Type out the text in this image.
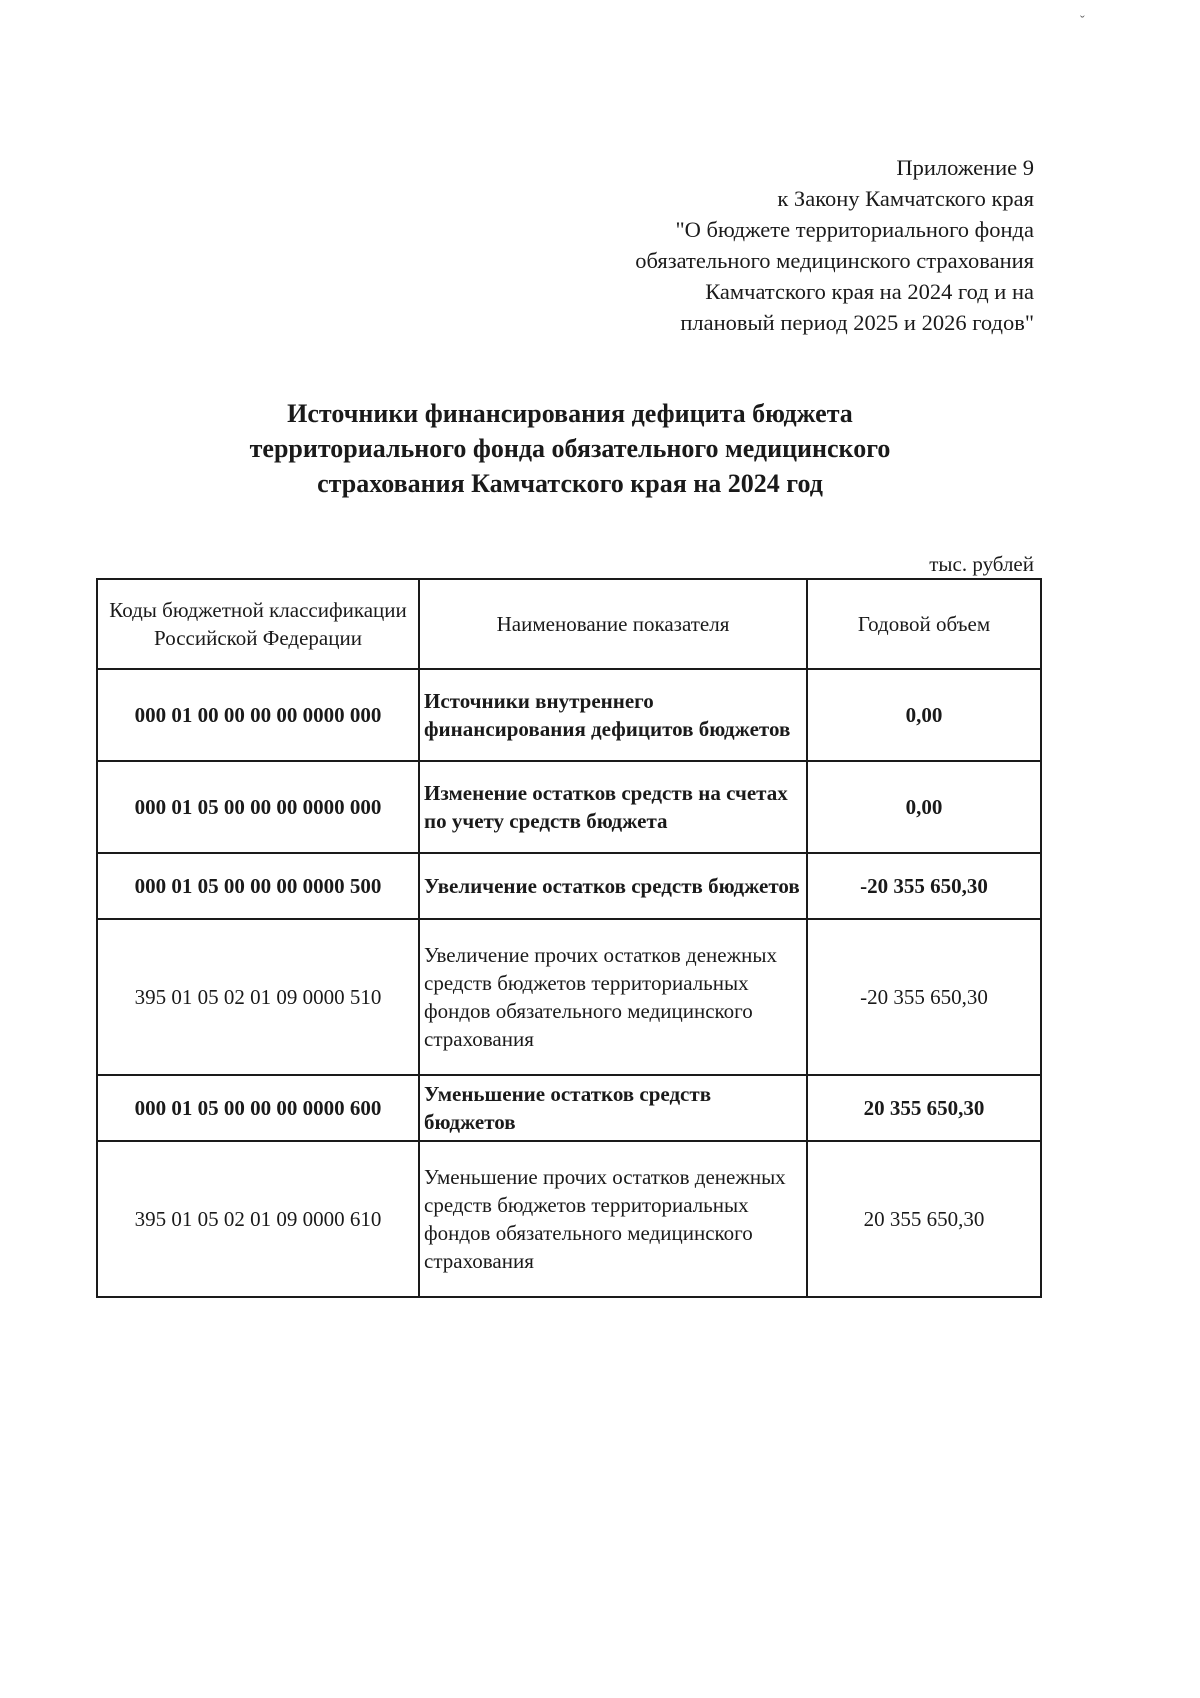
ˇ
Приложение 9
к Закону Камчатского края
"О бюджете территориального фонда
обязательного медицинского страхования
Камчатского края на 2024 год и на
плановый период 2025 и 2026 годов"
Источники финансирования дефицита бюджета
территориального фонда обязательного медицинского
страхования Камчатского края на 2024 год
тыс. рублей
Коды бюджетной классификации Российской Федерации	Наименование показателя	Годовой объем
000 01 00 00 00 00 0000 000	Источники внутреннего финансирования дефицитов бюджетов	0,00
000 01 05 00 00 00 0000 000	Изменение остатков средств на счетах по учету средств бюджета	0,00
000 01 05 00 00 00 0000 500	Увеличение остатков средств бюджетов	-20 355 650,30
395 01 05 02 01 09 0000 510	Увеличение прочих остатков денежных средств бюджетов территориальных фондов обязательного медицинского страхования	-20 355 650,30
000 01 05 00 00 00 0000 600	Уменьшение остатков средств бюджетов	20 355 650,30
395 01 05 02 01 09 0000 610	Уменьшение прочих остатков денежных средств бюджетов территориальных фондов обязательного медицинского страхования	20 355 650,30
